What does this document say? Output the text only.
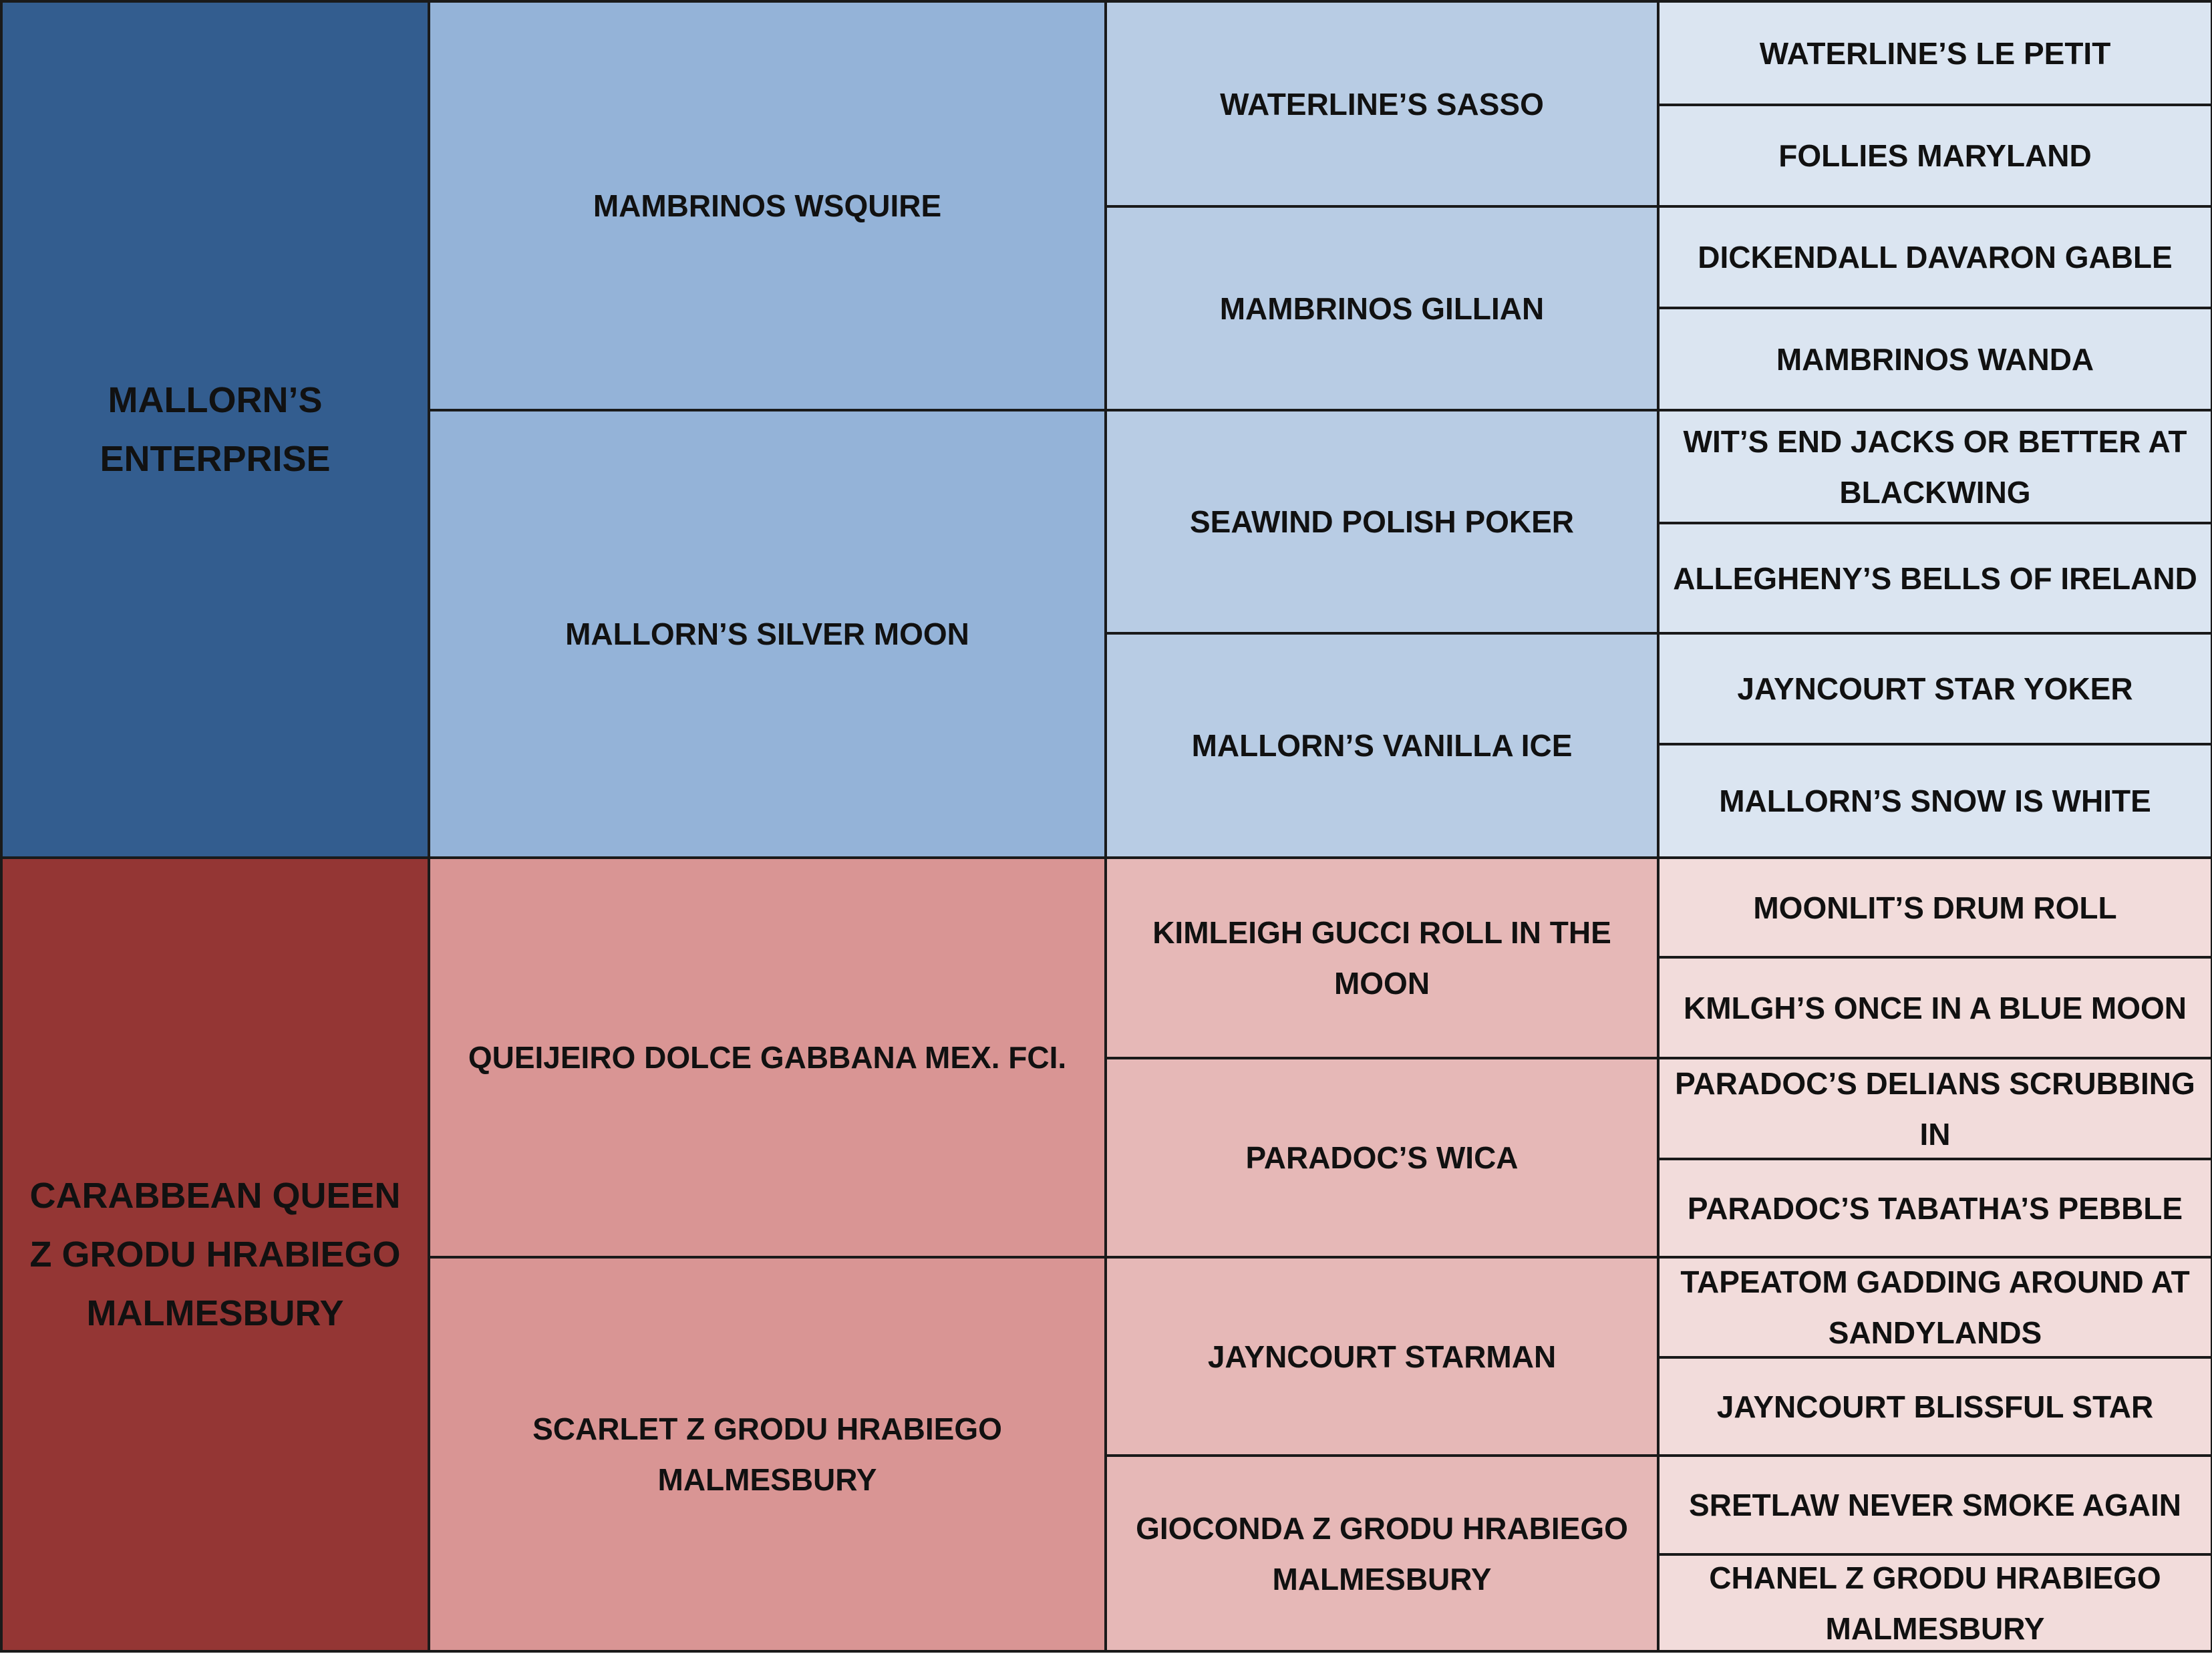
MALLORN’S ENTERPRISE
CARABBEAN QUEEN Z GRODU HRABIEGO MALMESBURY
MAMBRINOS WSQUIRE
MALLORN’S SILVER MOON
QUEIJEIRO DOLCE GABBANA MEX. FCI.
SCARLET Z GRODU HRABIEGO MALMESBURY
WATERLINE’S SASSO
MAMBRINOS GILLIAN
SEAWIND POLISH POKER
MALLORN’S VANILLA ICE
KIMLEIGH GUCCI ROLL IN THE MOON
PARADOC’S WICA
JAYNCOURT STARMAN
GIOCONDA Z GRODU HRABIEGO MALMESBURY
WATERLINE’S LE PETIT
FOLLIES MARYLAND
DICKENDALL DAVARON GABLE
MAMBRINOS WANDA
WIT’S END JACKS OR BETTER AT BLACKWING
ALLEGHENY’S BELLS OF IRELAND
JAYNCOURT STAR YOKER
MALLORN’S SNOW IS WHITE
MOONLIT’S DRUM ROLL
KMLGH’S ONCE IN A BLUE MOON
PARADOC’S DELIANS SCRUBBING IN
PARADOC’S TABATHA’S PEBBLE
TAPEATOM GADDING AROUND AT SANDYLANDS
JAYNCOURT BLISSFUL STAR
SRETLAW NEVER SMOKE AGAIN
CHANEL Z GRODU HRABIEGO MALMESBURY
